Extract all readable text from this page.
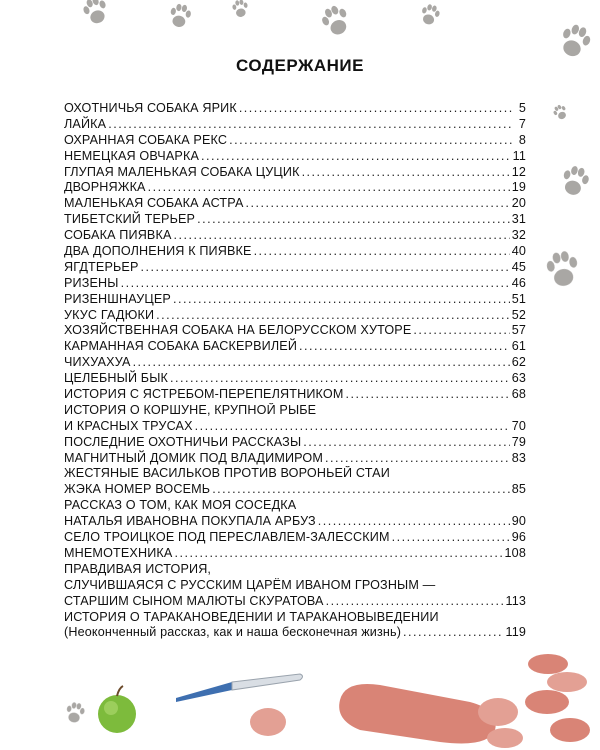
СОДЕРЖАНИЕ
ОХОТНИЧЬЯ СОБАКА ЯРИК . . .	5
ЛАЙКА . . .	7
ОХРАННАЯ СОБАКА РЕКС . . .	8
НЕМЕЦКАЯ ОВЧАРКА . . .	11
ГЛУПАЯ МАЛЕНЬКАЯ СОБАКА ЦУЦИК . . .	12
ДВОРНЯЖКА . . .	19
МАЛЕНЬКАЯ СОБАКА АСТРА . . .	20
ТИБЕТСКИЙ ТЕРЬЕР . . .	31
СОБАКА ПИЯВКА . . .	32
ДВА ДОПОЛНЕНИЯ К ПИЯВКЕ . . .	40
ЯГДТЕРЬЕР . . .	45
РИЗЕНЫ . . .	46
РИЗЕНШНАУЦЕР . . .	51
УКУС ГАДЮКИ . . .	52
ХОЗЯЙСТВЕННАЯ СОБАКА НА БЕЛОРУССКОМ ХУТОРЕ . . .	57
КАРМАННАЯ СОБАКА БАСКЕРВИЛЕЙ . . .	61
ЧИХУАХУА . . .	62
ЦЕЛЕБНЫЙ БЫК . . .	63
ИСТОРИЯ С ЯСТРЕБОМ-ПЕРЕПЕЛЯТНИКОМ . . .	68
ИСТОРИЯ О КОРШУНЕ, КРУПНОЙ РЫБЕ
И КРАСНЫХ ТРУСАХ . . .	70
ПОСЛЕДНИЕ ОХОТНИЧЬИ РАССКАЗЫ . . .	79
МАГНИТНЫЙ ДОМИК ПОД ВЛАДИМИРОМ . . .	83
ЖЕСТЯНЫЕ ВАСИЛЬКОВ ПРОТИВ ВОРОНЬЕЙ СТАИ
ЖЭКА НОМЕР ВОСЕМЬ . . .	85
РАССКАЗ О ТОМ, КАК МОЯ СОСЕДКА
НАТАЛЬЯ ИВАНОВНА ПОКУПАЛА АРБУЗ . . .	90
СЕЛО ТРОИЦКОЕ ПОД ПЕРЕСЛАВЛЕМ-ЗАЛЕССКИМ . . .	96
МНЕМОТЕХНИКА . . .	108
ПРАВДИВАЯ ИСТОРИЯ,
СЛУЧИВШАЯСЯ С РУССКИМ ЦАРЁМ ИВАНОМ ГРОЗНЫМ —
СТАРШИМ СЫНОМ МАЛЮТЫ СКУРАТОВА . . .	113
ИСТОРИЯ О ТАРАКАНОВЕДЕНИИ И ТАРАКАНОВЫВЕДЕНИИ
(Неоконченный рассказ, как и наша бесконечная жизнь) . . .	119
